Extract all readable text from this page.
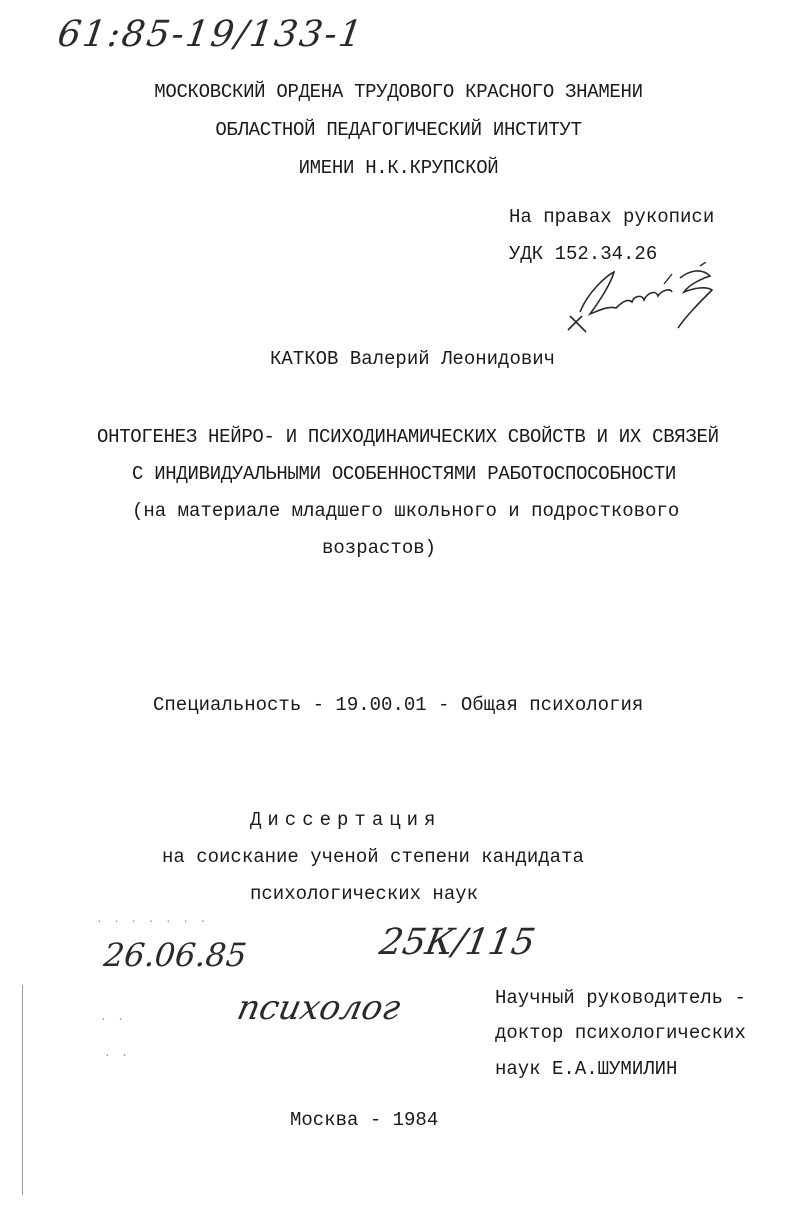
61:85-19/133-1
МОСКОВСКИЙ ОРДЕНА ТРУДОВОГО КРАСНОГО ЗНАМЕНИ
ОБЛАСТНОЙ ПЕДАГОГИЧЕСКИЙ ИНСТИТУТ
ИМЕНИ Н.К.КРУПСКОЙ
На правах рукописи
УДК 152.34.26
КАТКОВ Валерий Леонидович
ОНТОГЕНЕЗ НЕЙРО- И ПСИХОДИНАМИЧЕСКИХ СВОЙСТВ И ИХ СВЯЗЕЙ
С ИНДИВИДУАЛЬНЫМИ ОСОБЕННОСТЯМИ РАБОТОСПОСОБНОСТИ
(на материале младшего школьного и подросткового
возрастов)
Специальность - 19.00.01 - Общая психология
Диссертация
на соискание ученой степени кандидата
психологических наук
. . . . . . .
26.06.85	25К/115
психолог
. .
. .
Научный руководитель -
доктор психологических
наук Е.А.ШУМИЛИН
Москва - 1984
